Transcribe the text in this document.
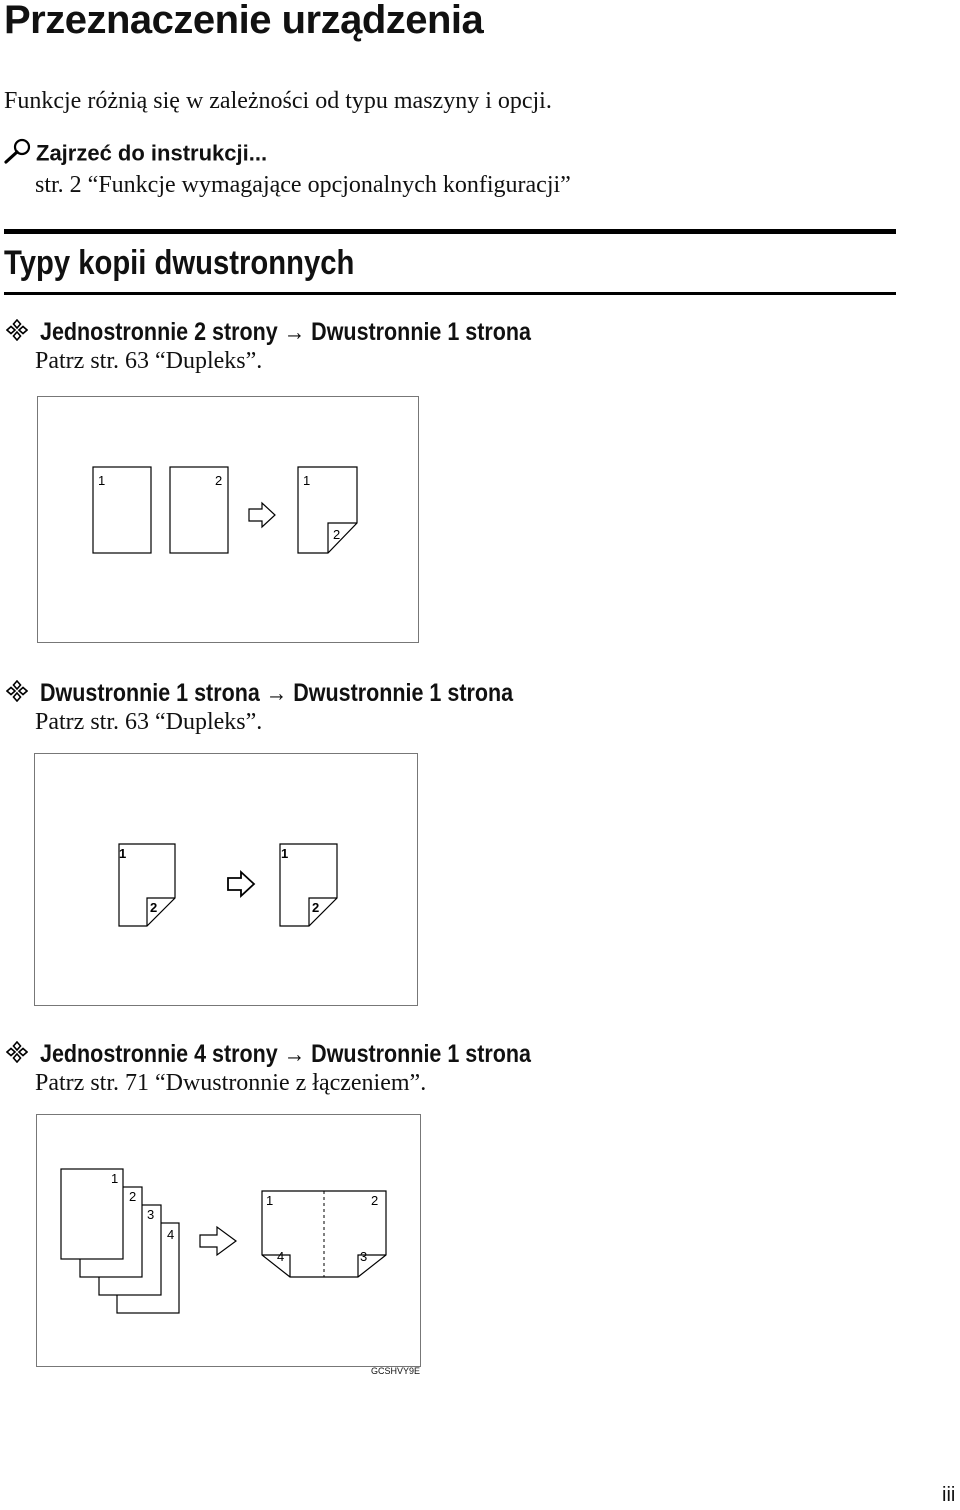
Przeznaczenie urządzenia
Funkcje różnią się w zależności od typu maszyny i opcji.
Zajrzeć do instrukcji...
str. 2 “Funkcje wymagające opcjonalnych konfiguracji”
Typy kopii dwustronnych
Jednostronnie 2 strony → Dwustronnie 1 strona
Patrz str. 63 “Dupleks”.
1	2	1
2
Dwustronnie 1 strona → Dwustronnie 1 strona
Patrz str. 63 “Dupleks”.
1
2
1
2
Jednostronnie 4 strony → Dwustronnie 1 strona
Patrz str. 71 “Dwustronnie z łączeniem”.
1
2
3
4
1	2
4	3
GCSHVY9E
iii
